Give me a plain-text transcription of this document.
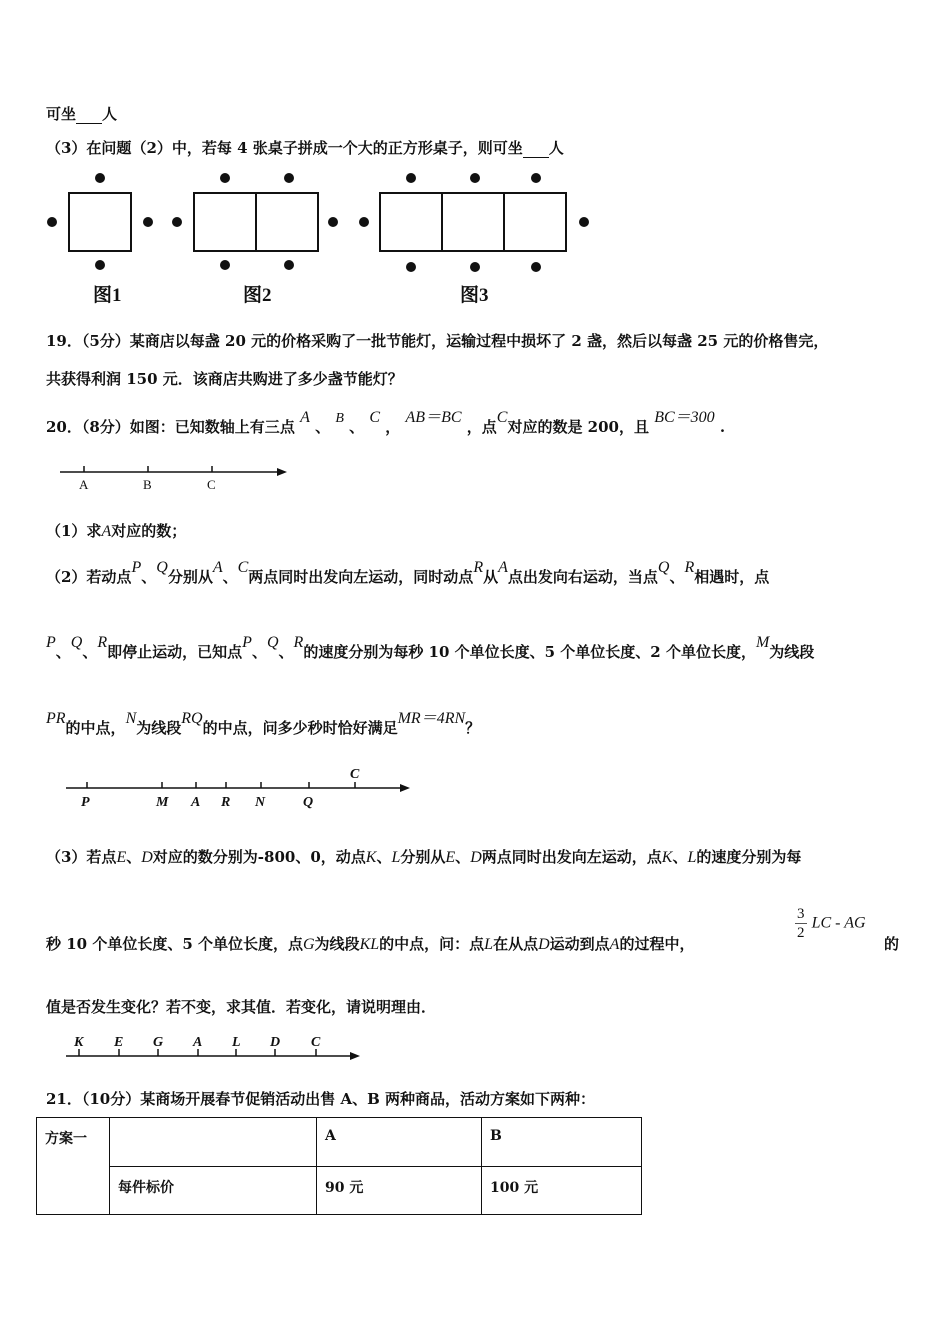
可坐 人
（3）在问题（2）中，若每 4 张桌子拼成一个大的正方形桌子，则可坐 人
图1	图2	图3
19．（5分）某商店以每盏 20 元的价格采购了一批节能灯，运输过程中损坏了 2 盏，然后以每盏 25 元的价格售完，
共获得利润 150 元．该商店共购进了多少盏节能灯？
20．（8分）如图：已知数轴上有三点 A 、 B 、 C ， AB＝BC ，点C对应的数是 200，且 BC＝300 .
A	B	C
（1）求A对应的数；
（2）若动点P、Q分别从A、C两点同时出发向左运动，同时动点R从A点出发向右运动，当点Q、R相遇时，点
P、Q、R即停止运动，已知点P、Q、R的速度分别为每秒 10 个单位长度、5 个单位长度、2 个单位长度，M为线段
PR的中点，N为线段RQ的中点，问多少秒时恰好满足MR＝4RN？
P	M A R N	Q
C
（3）若点E、D对应的数分别为-800、0，动点K、L分别从E、D两点同时出发向左运动，点K、L的速度分别为每
秒 10 个单位长度、5 个单位长度，点G为线段KL的中点，问：点L在从点D运动到点A的过程中，
$\frac{3}{2}$ LC - AG
的
值是否发生变化？若不变，求其值．若变化，请说明理由．
K E G A L D C
21．（10分）某商场开展春节促销活动出售 A、B 两种商品，活动方案如下两种：
方案一		A	B
	每件标价	90 元	100 元
